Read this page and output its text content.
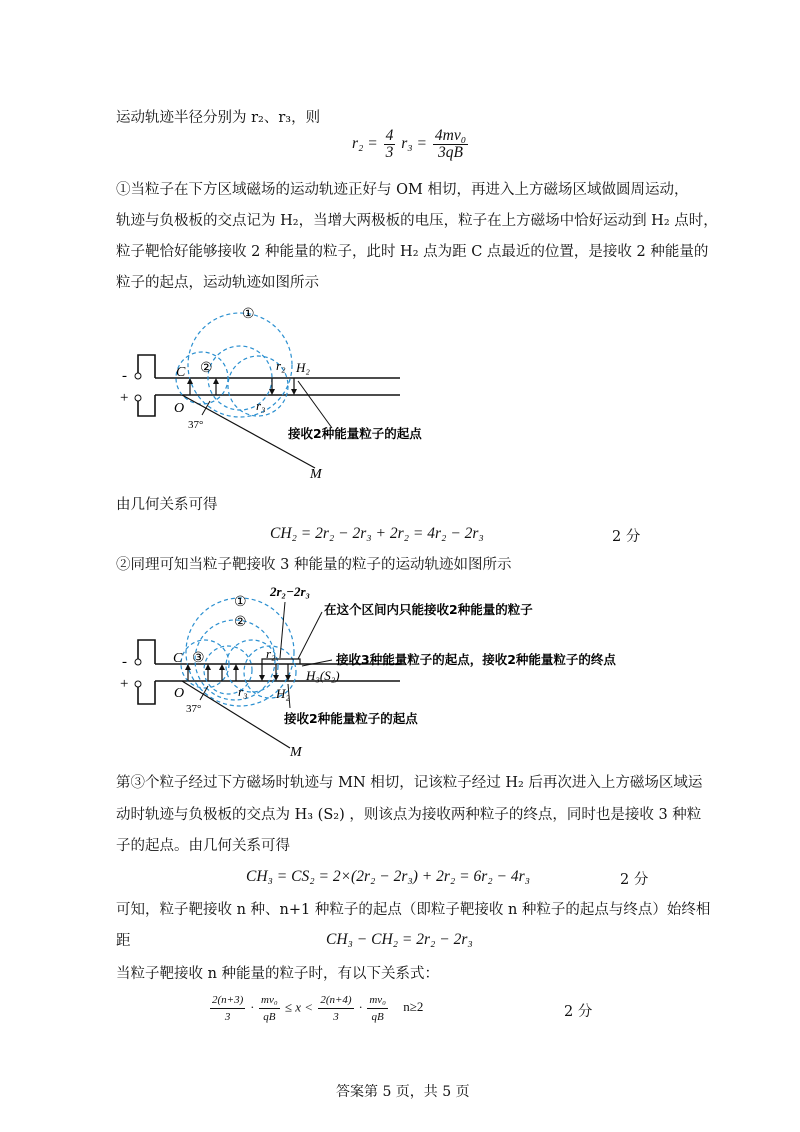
运动轨迹半径分别为 r₂、r₃，则
$r_2 = \frac{4}{3} r_3 = \frac{\text{4mv₀}}{3qB}$
①当粒子在下方区域磁场的运动轨迹正好与 OM 相切，再进入上方磁场区域做圆周运动，
轨迹与负极板的交点记为 H₂，当增大两极板的电压，粒子在上方磁场中恰好运动到 H₂ 点时，
粒子靶恰好能够接收 2 种能量的粒子，此时 H₂ 点为距 C 点最近的位置，是接收 2 种能量的
粒子的起点，运动轨迹如图所示
-
+
①
②
C
O
37°
r₂ H₂
r₃
M
接收2种能量粒子的起点
由几何关系可得
CH₂ = 2r₂ − 2r₃ + 2r₂ = 4r₂ − 2r₃	2 分
②同理可知当粒子靶接收 3 种能量的粒子的运动轨迹如图所示
-
+
2r₂−2r₃
①
②
③
C
O
37°
r₃
r₂
H₂
H₃(S₂)
M
在这个区间内只能接收2种能量的粒子
接收3种能量粒子的起点，接收2种能量粒子的终点
接收2种能量粒子的起点
第③个粒子经过下方磁场时轨迹与 MN 相切，记该粒子经过 H₂ 后再次进入上方磁场区域运
动时轨迹与负极板的交点为 H₃ (S₂) ，则该点为接收两种粒子的终点，同时也是接收 3 种粒
子的起点。由几何关系可得
CH₃ = CS₂ = 2×(2r₂ − 2r₃) + 2r₂ = 6r₂ − 4r₃	2 分
可知，粒子靶接收 n 种、n+1 种粒子的起点（即粒子靶接收 n 种粒子的起点与终点）始终相
距	CH₃ − CH₂ = 2r₂ − 2r₃
当粒子靶接收 n 种能量的粒子时，有以下关系式：
$\frac{2(n+3)}{3} \cdot \frac{\text{mv₀}}{qB} \le x < \frac{2(n+4)}{3} \cdot \frac{\text{mv₀}}{qB} n\ge 2$	2 分
答案第 5 页，共 5 页
